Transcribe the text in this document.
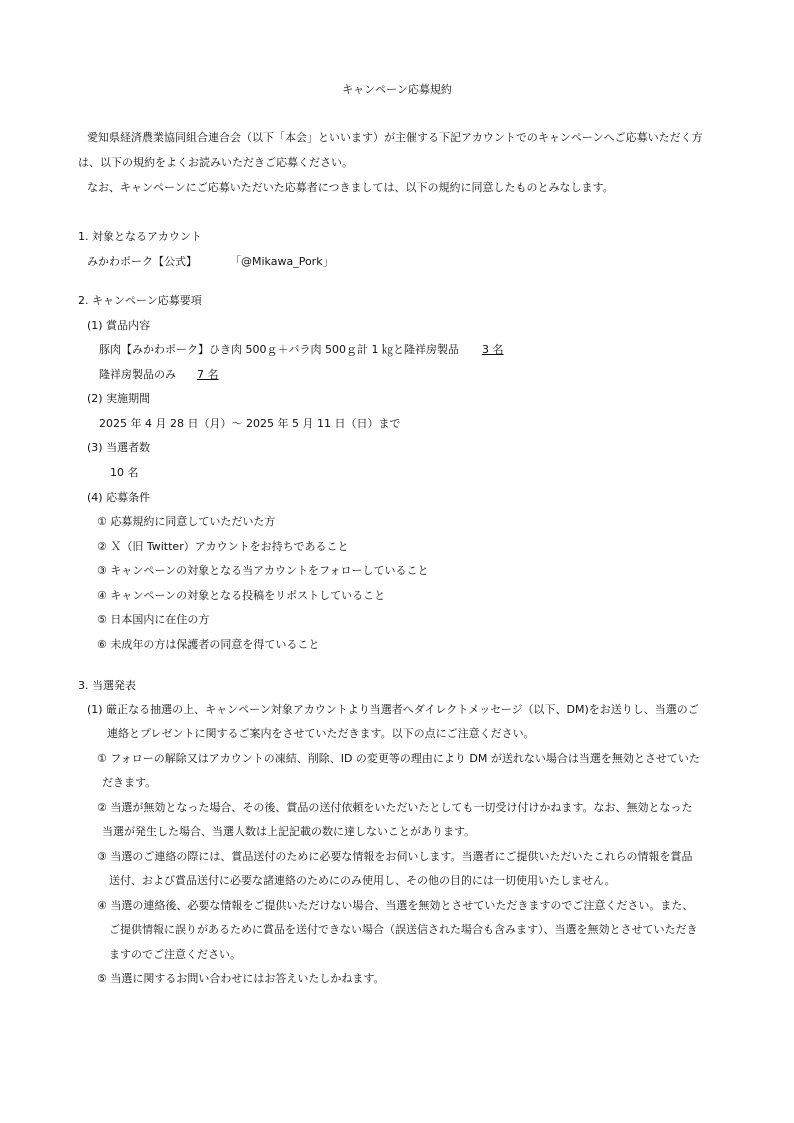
キャンペーン応募規約
愛知県経済農業協同組合連合会（以下「本会」といいます）が主催する下記アカウントでのキャンペーンへご応募いただく方
は、以下の規約をよくお読みいただきご応募ください。
なお、キャンペーンにご応募いただいた応募者につきましては、以下の規約に同意したものとみなします。
1. 対象となるアカウント
みかわポーク【公式】	「@Mikawa_Pork」
2. キャンペーン応募要項
(1) 賞品内容
豚肉【みかわポーク】ひき肉 500ｇ＋バラ肉 500ｇ計 1 ㎏と隆祥房製品 3 名
隆祥房製品のみ 7 名
(2) 実施期間
2025 年 4 月 28 日（月）～ 2025 年 5 月 11 日（日）まで
(3) 当選者数
10 名
(4) 応募条件
① 応募規約に同意していただいた方
② Ｘ（旧 Twitter）アカウントをお持ちであること
③ キャンペーンの対象となる当アカウントをフォローしていること
④ キャンペーンの対象となる投稿をリポストしていること
⑤ 日本国内に在住の方
⑥ 未成年の方は保護者の同意を得ていること
3. 当選発表
(1) 厳正なる抽選の上、キャンペーン対象アカウントより当選者へダイレクトメッセージ（以下、DM)をお送りし、当選のご
連絡とプレゼントに関するご案内をさせていただきます。以下の点にご注意ください。
① フォローの解除又はアカウントの凍結、削除、ID の変更等の理由により DM が送れない場合は当選を無効とさせていた
だきます。
② 当選が無効となった場合、その後、賞品の送付依頼をいただいたとしても一切受け付けかねます。なお、無効となった
当選が発生した場合、当選人数は上記記載の数に達しないことがあります。
③ 当選のご連絡の際には、賞品送付のために必要な情報をお伺いします。当選者にご提供いただいたこれらの情報を賞品
送付、および賞品送付に必要な諸連絡のためにのみ使用し、その他の目的には一切使用いたしません。
④ 当選の連絡後、必要な情報をご提供いただけない場合、当選を無効とさせていただきますのでご注意ください。また、
ご提供情報に誤りがあるために賞品を送付できない場合（誤送信された場合も含みます）、当選を無効とさせていただき
ますのでご注意ください。
⑤ 当選に関するお問い合わせにはお答えいたしかねます。
